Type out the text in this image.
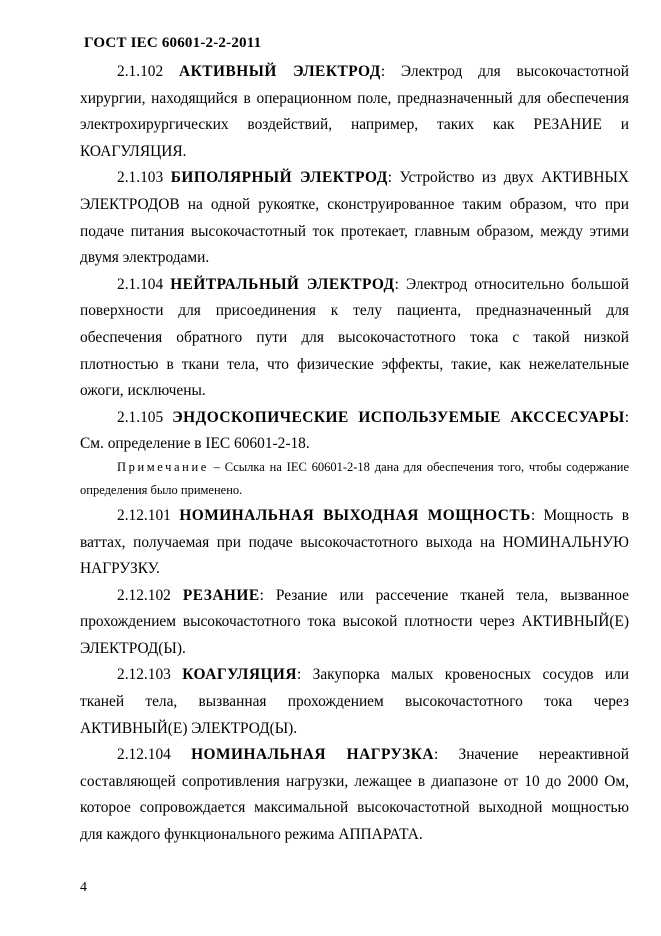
ГОСТ IEC 60601-2-2-2011

2.1.102 АКТИВНЫЙ ЭЛЕКТРОД: Электрод для высокочастотной хирургии, находящийся в операционном поле, предназначенный для обеспечения электрохирургических воздействий, например, таких как РЕЗАНИЕ и КОАГУЛЯЦИЯ.

2.1.103 БИПОЛЯРНЫЙ ЭЛЕКТРОД: Устройство из двух АКТИВНЫХ ЭЛЕКТРОДОВ на одной рукоятке, сконструированное таким образом, что при подаче питания высокочастотный ток протекает, главным образом, между этими двумя электродами.

2.1.104 НЕЙТРАЛЬНЫЙ ЭЛЕКТРОД: Электрод относительно большой поверхности для присоединения к телу пациента, предназначенный для обеспечения обратного пути для высокочастотного тока с такой низкой плотностью в ткани тела, что физические эффекты, такие, как нежелательные ожоги, исключены.

2.1.105 ЭНДОСКОПИЧЕСКИЕ ИСПОЛЬЗУЕМЫЕ АКССЕСУАРЫ: См. определение в IEC 60601-2-18.

Примечание – Ссылка на IEC 60601-2-18 дана для обеспечения того, чтобы содержание определения было применено.

2.12.101 НОМИНАЛЬНАЯ ВЫХОДНАЯ МОЩНОСТЬ: Мощность в ваттах, получаемая при подаче высокочастотного выхода на НОМИНАЛЬНУЮ НАГРУЗКУ.

2.12.102 РЕЗАНИЕ: Резание или рассечение тканей тела, вызванное прохождением высокочастотного тока высокой плотности через АКТИВНЫЙ(Е) ЭЛЕКТРОД(Ы).

2.12.103 КОАГУЛЯЦИЯ: Закупорка малых кровеносных сосудов или тканей тела, вызванная прохождением высокочастотного тока через АКТИВНЫЙ(Е) ЭЛЕКТРОД(Ы).

2.12.104 НОМИНАЛЬНАЯ НАГРУЗКА: Значение нереактивной составляющей сопротивления нагрузки, лежащее в диапазоне от 10 до 2000 Ом, которое сопровождается максимальной высокочастотной выходной мощностью для каждого функционального режима АППАРАТА.

4
